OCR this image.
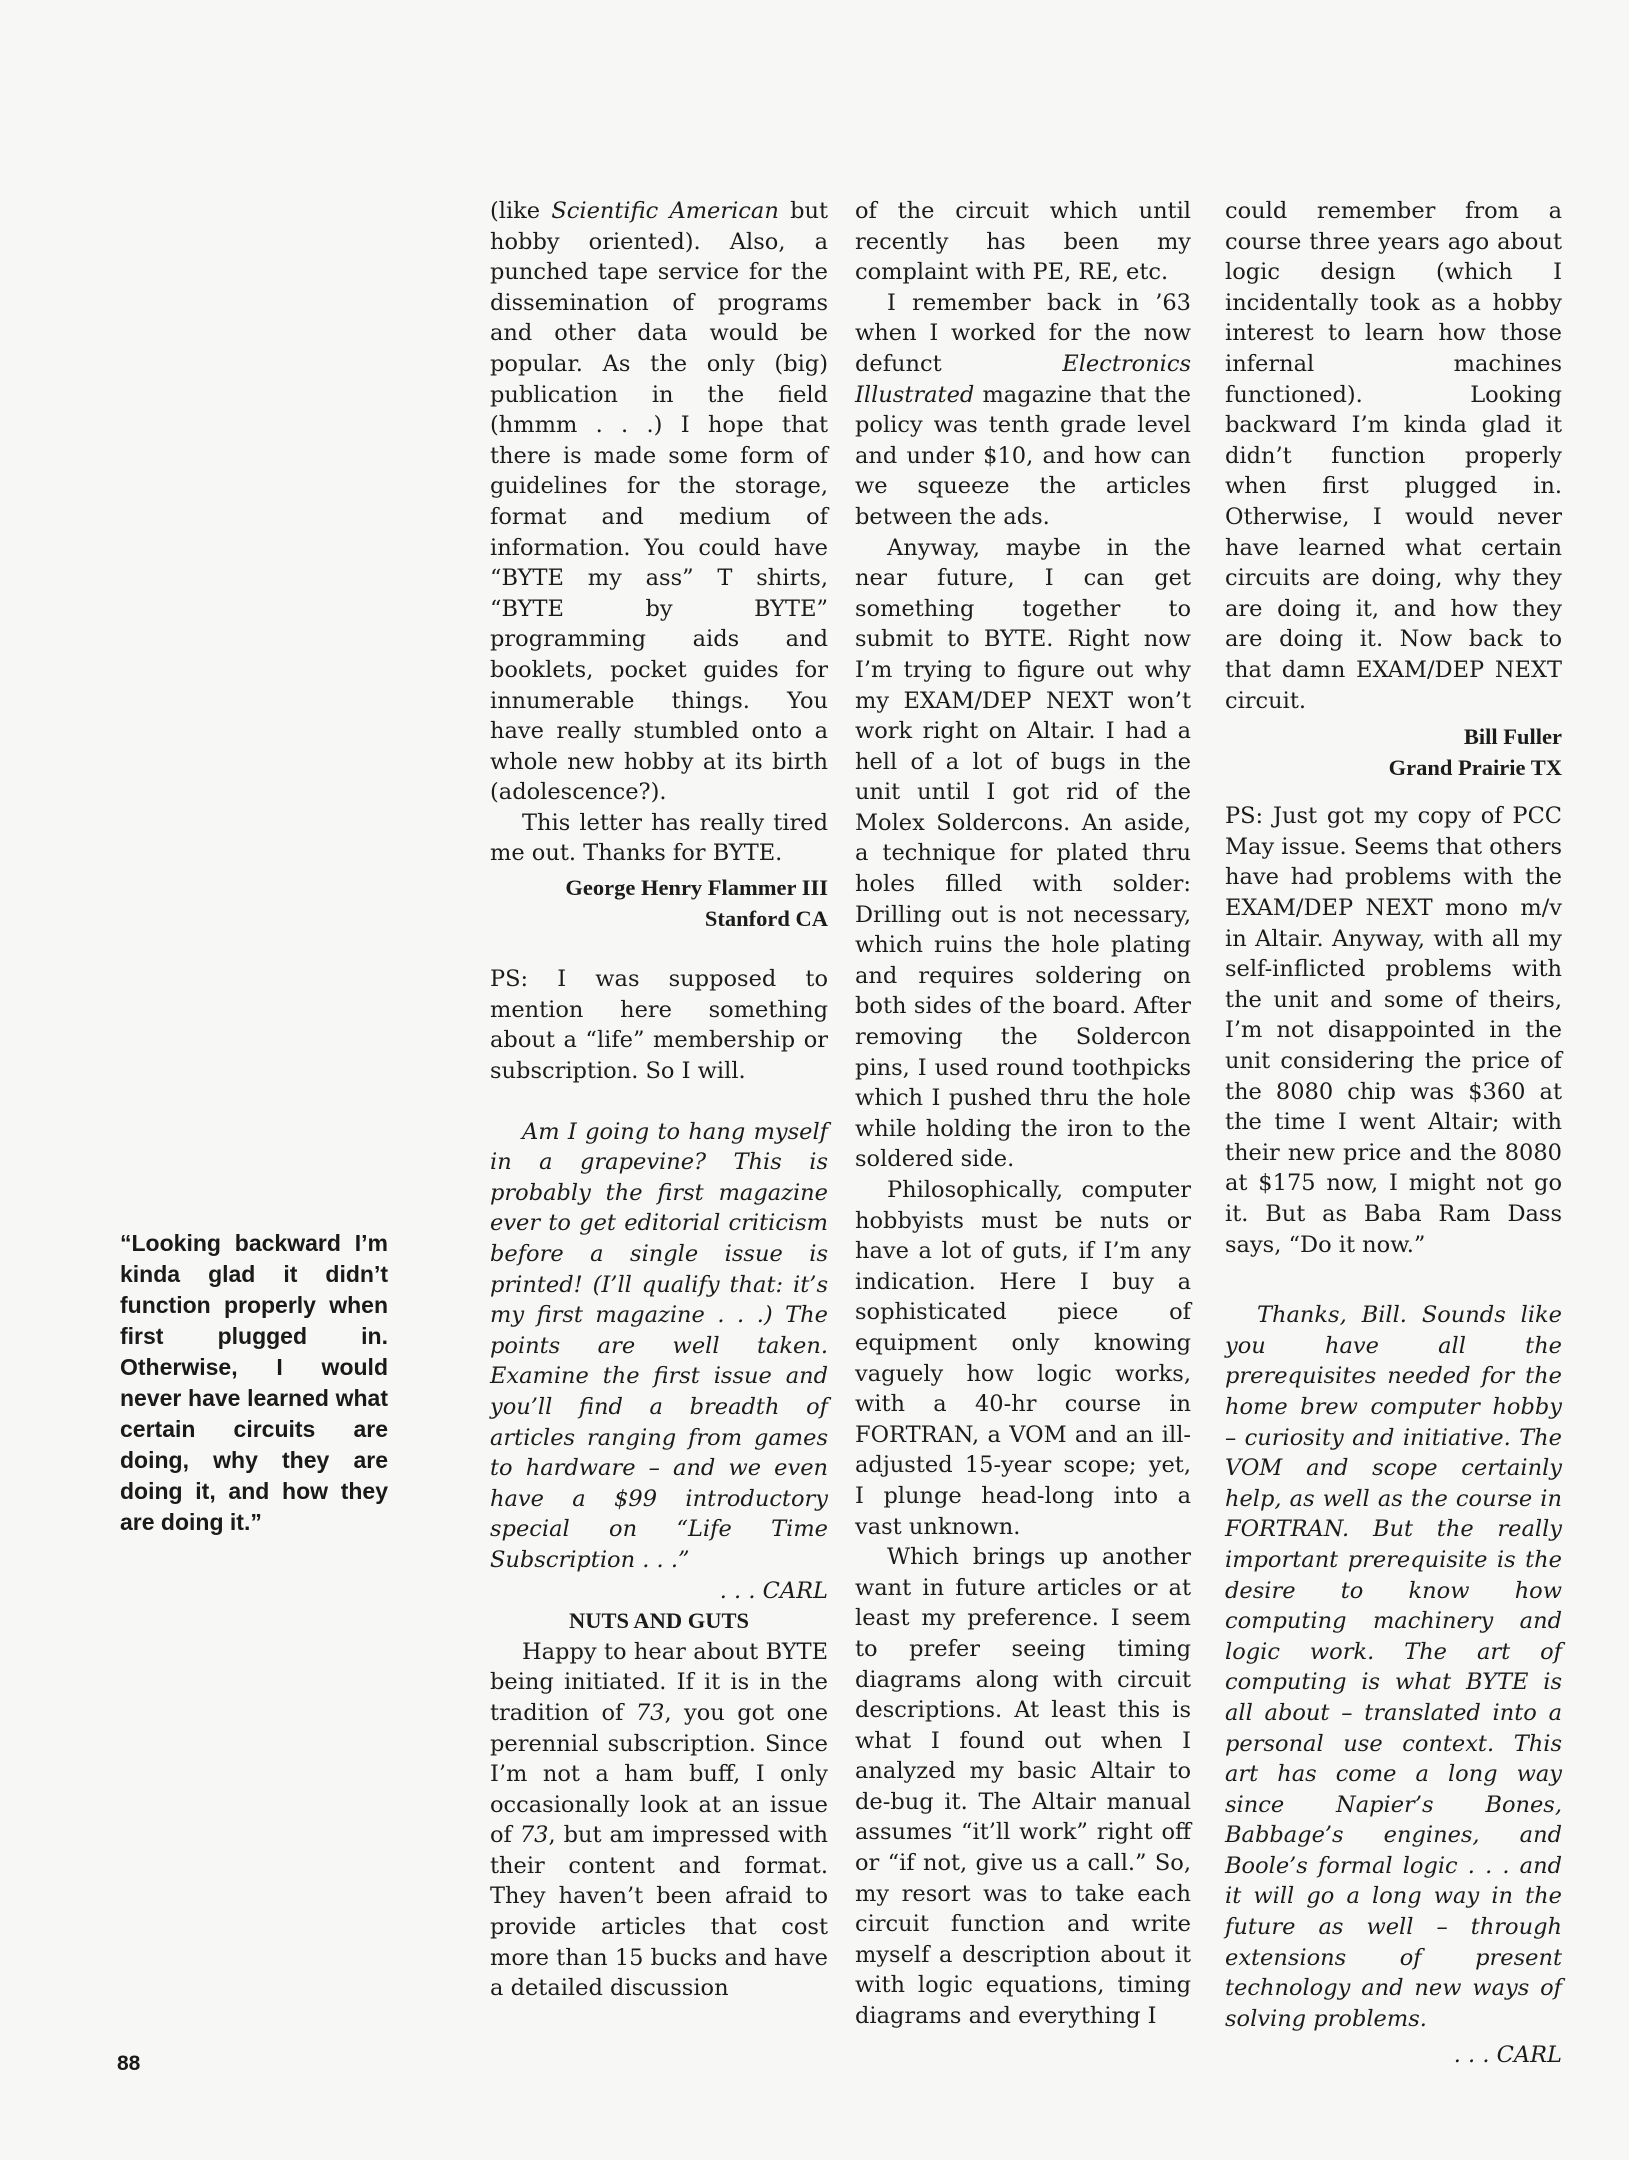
“Looking backward I’m kinda glad it didn’t function properly when first plugged in. Otherwise, I would never have learned what certain circuits are doing, why they are doing it, and how they are doing it.”

(like Scientific American but hobby oriented). Also, a punched tape service for the dissemination of programs and other data would be popular. As the only (big) publication in the field (hmmm . . .) I hope that there is made some form of guidelines for the storage, format and medium of information. You could have “BYTE my ass” T shirts, “BYTE by BYTE” programming aids and booklets, pocket guides for innumerable things. You have really stumbled onto a whole new hobby at its birth (adolescence?).

This letter has really tired me out. Thanks for BYTE.

George Henry Flammer III

Stanford CA

PS: I was supposed to mention here something about a “life” membership or subscription. So I will.

Am I going to hang myself in a grapevine? This is probably the first magazine ever to get editorial criticism before a single issue is printed! (I’ll qualify that: it’s my first magazine . . .) The points are well taken. Examine the first issue and you’ll find a breadth of articles ranging from games to hardware – and we even have a $99 introductory special on “Life Time Subscription . . .”

. . . CARL

NUTS AND GUTS

Happy to hear about BYTE being initiated. If it is in the tradition of 73, you got one perennial subscription. Since I’m not a ham buff, I only occasionally look at an issue of 73, but am impressed with their content and format. They haven’t been afraid to provide articles that cost more than 15 bucks and have a detailed discussion

of the circuit which until recently has been my complaint with PE, RE, etc.

I remember back in ’63 when I worked for the now defunct Electronics Illustrated magazine that the policy was tenth grade level and under $10, and how can we squeeze the articles between the ads.

Anyway, maybe in the near future, I can get something together to submit to BYTE. Right now I’m trying to figure out why my EXAM/DEP NEXT won’t work right on Altair. I had a hell of a lot of bugs in the unit until I got rid of the Molex Soldercons. An aside, a technique for plated thru holes filled with solder: Drilling out is not necessary, which ruins the hole plating and requires soldering on both sides of the board. After removing the Soldercon pins, I used round toothpicks which I pushed thru the hole while holding the iron to the soldered side.

Philosophically, computer hobbyists must be nuts or have a lot of guts, if I’m any indication. Here I buy a sophisticated piece of equipment only knowing vaguely how logic works, with a 40-hr course in FORTRAN, a VOM and an ill-adjusted 15-year scope; yet, I plunge head-long into a vast unknown.

Which brings up another want in future articles or at least my preference. I seem to prefer seeing timing diagrams along with circuit descriptions. At least this is what I found out when I analyzed my basic Altair to de-bug it. The Altair manual assumes “it’ll work” right off or “if not, give us a call.” So, my resort was to take each circuit function and write myself a description about it with logic equations, timing diagrams and everything I

could remember from a course three years ago about logic design (which I incidentally took as a hobby interest to learn how those infernal machines functioned). Looking backward I’m kinda glad it didn’t function properly when first plugged in. Otherwise, I would never have learned what certain circuits are doing, why they are doing it, and how they are doing it. Now back to that damn EXAM/DEP NEXT circuit.

Bill Fuller

Grand Prairie TX

PS: Just got my copy of PCC May issue. Seems that others have had problems with the EXAM/DEP NEXT mono m/v in Altair. Anyway, with all my self-inflicted problems with the unit and some of theirs, I’m not disappointed in the unit considering the price of the 8080 chip was $360 at the time I went Altair; with their new price and the 8080 at $175 now, I might not go it. But as Baba Ram Dass says, “Do it now.”

Thanks, Bill. Sounds like you have all the prerequisites needed for the home brew computer hobby – curiosity and initiative. The VOM and scope certainly help, as well as the course in FORTRAN. But the really important prerequisite is the desire to know how computing machinery and logic work. The art of computing is what BYTE is all about – translated into a personal use context. This art has come a long way since Napier’s Bones, Babbage’s engines, and Boole’s formal logic . . . and it will go a long way in the future as well – through extensions of present technology and new ways of solving problems.

. . . CARL

88
